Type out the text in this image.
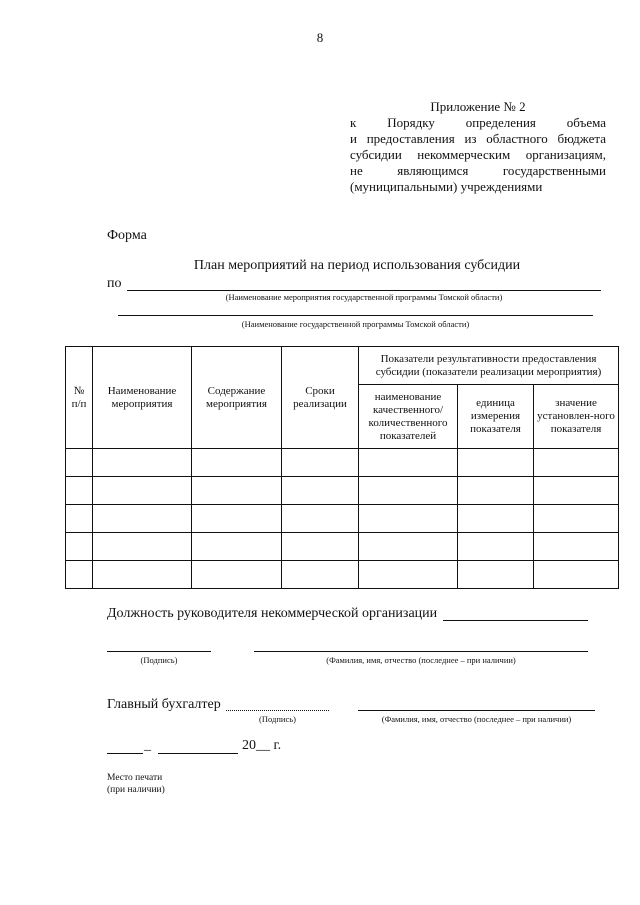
8
Приложение № 2
к Порядку определения объема
и предоставления из областного бюджета
субсидии некоммерческим организациям,
не являющимся государственными
(муниципальными) учреждениями
Форма
План мероприятий на период использования субсидии
по
(Наименование мероприятия государственной программы Томской области)
(Наименование государственной программы Томской области)
№ п/п	Наименование мероприятия	Содержание мероприятия	Сроки реализации	Показатели результативности предоставления субсидии (показатели реализации мероприятия)		
				наименование качественного/ количественного показателей	единица измерения показателя	значение установлен-ного показателя

Должность руководителя некоммерческой организации
(Подпись)	(Фамилия, имя, отчество (последнее – при наличии)
Главный бухгалтер
(Подпись)	(Фамилия, имя, отчество (последнее – при наличии)
_	20__ г.
Место печати
(при наличии)
